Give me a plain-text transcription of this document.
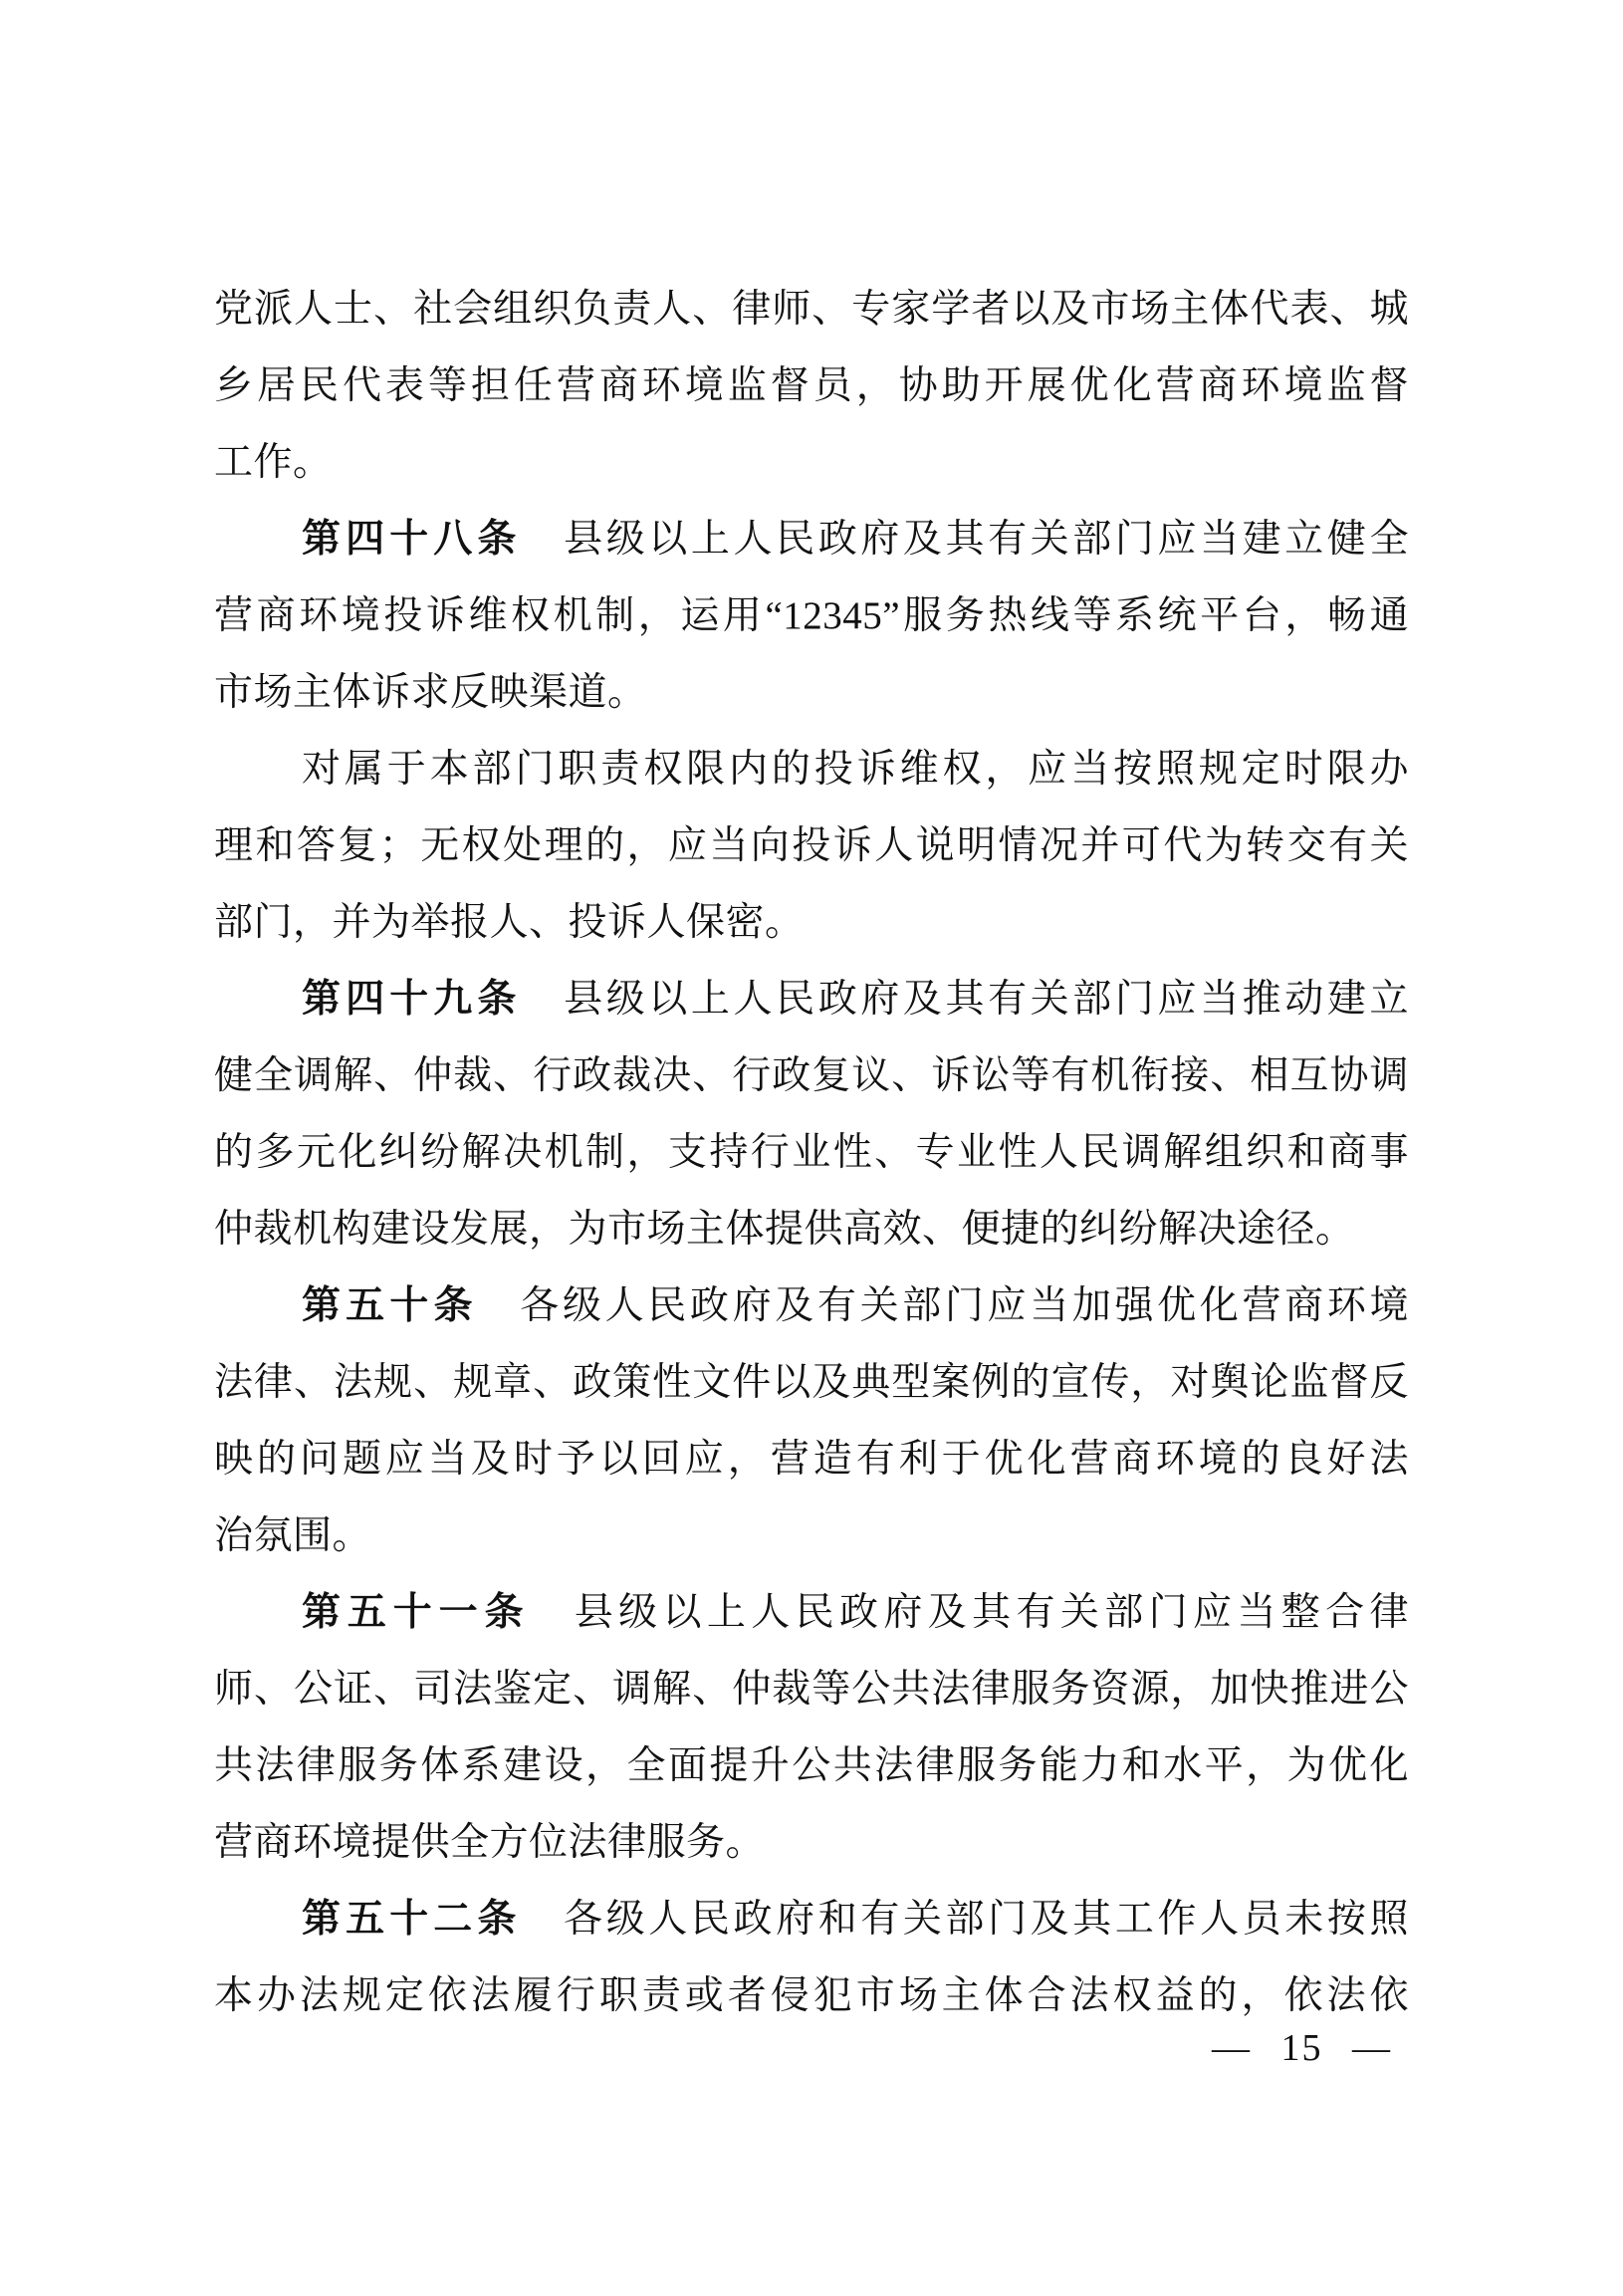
党派人士、社会组织负责人、律师、专家学者以及市场主体代表、城
乡居民代表等担任营商环境监督员，协助开展优化营商环境监督
工作。
第四十八条　县级以上人民政府及其有关部门应当建立健全
营商环境投诉维权机制，运用“12345”服务热线等系统平台，畅通
市场主体诉求反映渠道。
对属于本部门职责权限内的投诉维权，应当按照规定时限办
理和答复；无权处理的，应当向投诉人说明情况并可代为转交有关
部门，并为举报人、投诉人保密。
第四十九条　县级以上人民政府及其有关部门应当推动建立
健全调解、仲裁、行政裁决、行政复议、诉讼等有机衔接、相互协调
的多元化纠纷解决机制，支持行业性、专业性人民调解组织和商事
仲裁机构建设发展，为市场主体提供高效、便捷的纠纷解决途径。
第五十条　各级人民政府及有关部门应当加强优化营商环境
法律、法规、规章、政策性文件以及典型案例的宣传，对舆论监督反
映的问题应当及时予以回应，营造有利于优化营商环境的良好法
治氛围。
第五十一条　县级以上人民政府及其有关部门应当整合律
师、公证、司法鉴定、调解、仲裁等公共法律服务资源，加快推进公
共法律服务体系建设，全面提升公共法律服务能力和水平，为优化
营商环境提供全方位法律服务。
第五十二条　各级人民政府和有关部门及其工作人员未按照
本办法规定依法履行职责或者侵犯市场主体合法权益的，依法依
— 15 —
